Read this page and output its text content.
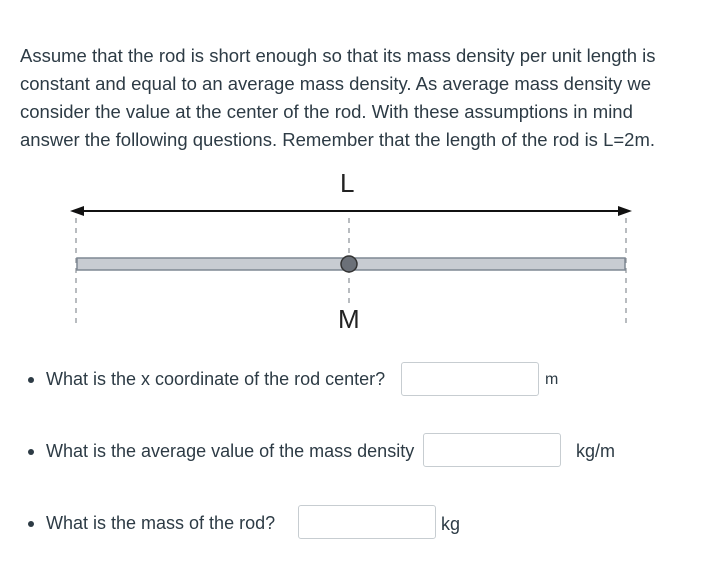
Assume that the rod is short enough so that its mass density per unit length is constant and equal to an average mass density. As average mass density we consider the value at the center of the rod. With these assumptions in mind answer the following questions. Remember that the length of the rod is L=2m.

L
M
What is the x coordinate of the rod center?	m
What is the average value of the mass density	kg/m
What is the mass of the rod?	kg
